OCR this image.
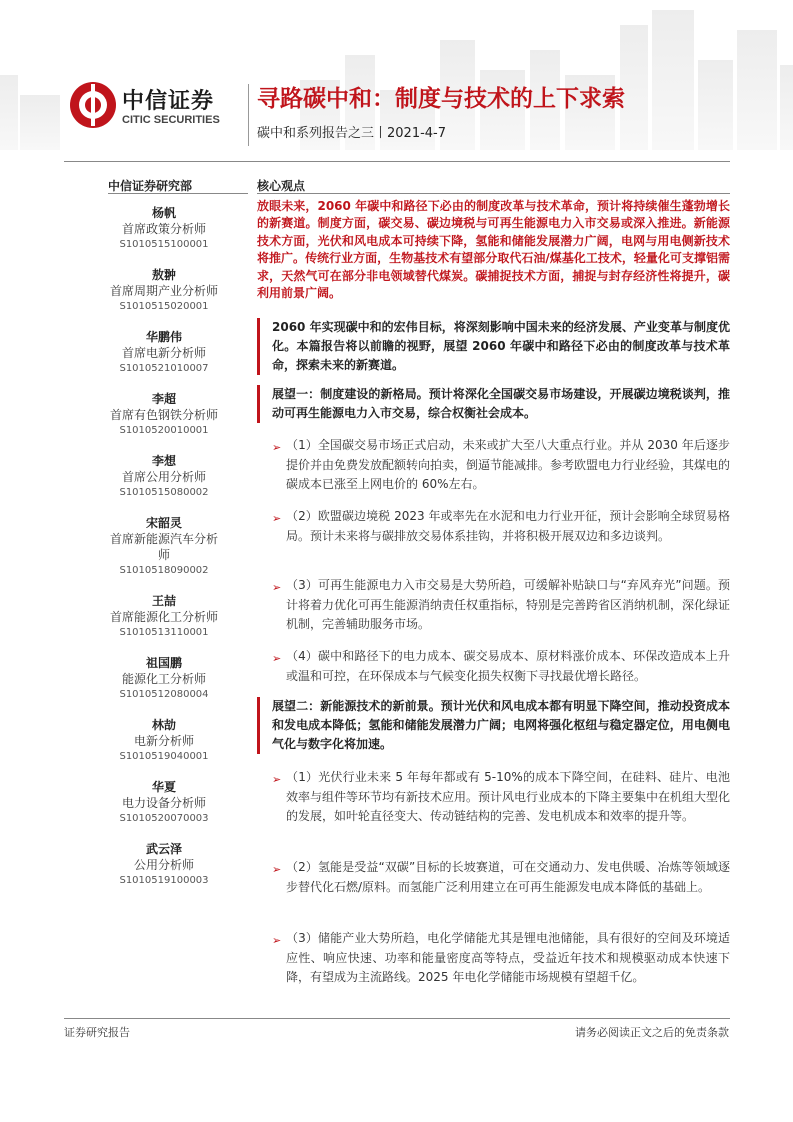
中信证券
CITIC SECURITIES
寻路碳中和：制度与技术的上下求索
碳中和系列报告之三丨2021-4-7
中信证券研究部
杨帆
首席政策分析师
S1010515100001
敖翀
首席周期产业分析师
S1010515020001
华鹏伟
首席电新分析师
S1010521010007
李超
首席有色钢铁分析师
S1010520010001
李想
首席公用分析师
S1010515080002
宋韶灵
首席新能源汽车分析师
S1010518090002
王喆
首席能源化工分析师
S1010513110001
祖国鹏
能源化工分析师
S1010512080004
林劼
电新分析师
S1010519040001
华夏
电力设备分析师
S1010520070003
武云泽
公用分析师
S1010519100003
核心观点
放眼未来，2060 年碳中和路径下必由的制度改革与技术革命，预计将持续催生蓬勃增长的新赛道。制度方面，碳交易、碳边境税与可再生能源电力入市交易或深入推进。新能源技术方面，光伏和风电成本可持续下降，氢能和储能发展潜力广阔，电网与用电侧新技术将推广。传统行业方面，生物基技术有望部分取代石油/煤基化工技术，轻量化可支撑铝需求，天然气可在部分非电领域替代煤炭。碳捕捉技术方面，捕捉与封存经济性将提升，碳利用前景广阔。
2060 年实现碳中和的宏伟目标，将深刻影响中国未来的经济发展、产业变革与制度优化。本篇报告将以前瞻的视野，展望 2060 年碳中和路径下必由的制度改革与技术革命，探索未来的新赛道。
展望一：制度建设的新格局。预计将深化全国碳交易市场建设，开展碳边境税谈判，推动可再生能源电力入市交易，综合权衡社会成本。
➢ （1）全国碳交易市场正式启动，未来或扩大至八大重点行业。并从 2030 年后逐步提价并由免费发放配额转向拍卖，倒逼节能减排。参考欧盟电力行业经验，其煤电的碳成本已涨至上网电价的 60%左右。
➢ （2）欧盟碳边境税 2023 年或率先在水泥和电力行业开征，预计会影响全球贸易格局。预计未来将与碳排放交易体系挂钩，并将积极开展双边和多边谈判。
➢ （3）可再生能源电力入市交易是大势所趋，可缓解补贴缺口与“弃风弃光”问题。预计将着力优化可再生能源消纳责任权重指标，特别是完善跨省区消纳机制，深化绿证机制，完善辅助服务市场。
➢ （4）碳中和路径下的电力成本、碳交易成本、原材料涨价成本、环保改造成本上升或温和可控，在环保成本与气候变化损失权衡下寻找最优增长路径。
展望二：新能源技术的新前景。预计光伏和风电成本都有明显下降空间，推动投资成本和发电成本降低；氢能和储能发展潜力广阔；电网将强化枢纽与稳定器定位，用电侧电气化与数字化将加速。
➢ （1）光伏行业未来 5 年每年都或有 5-10%的成本下降空间，在硅料、硅片、电池效率与组件等环节均有新技术应用。预计风电行业成本的下降主要集中在机组大型化的发展，如叶轮直径变大、传动链结构的完善、发电机成本和效率的提升等。
➢ （2）氢能是受益“双碳”目标的长坡赛道，可在交通动力、发电供暖、冶炼等领域逐步替代化石燃/原料。而氢能广泛利用建立在可再生能源发电成本降低的基础上。
➢ （3）储能产业大势所趋，电化学储能尤其是锂电池储能，具有很好的空间及环境适应性、响应快速、功率和能量密度高等特点，受益近年技术和规模驱动成本快速下降，有望成为主流路线。2025 年电化学储能市场规模有望超千亿。
证券研究报告	请务必阅读正文之后的免责条款
